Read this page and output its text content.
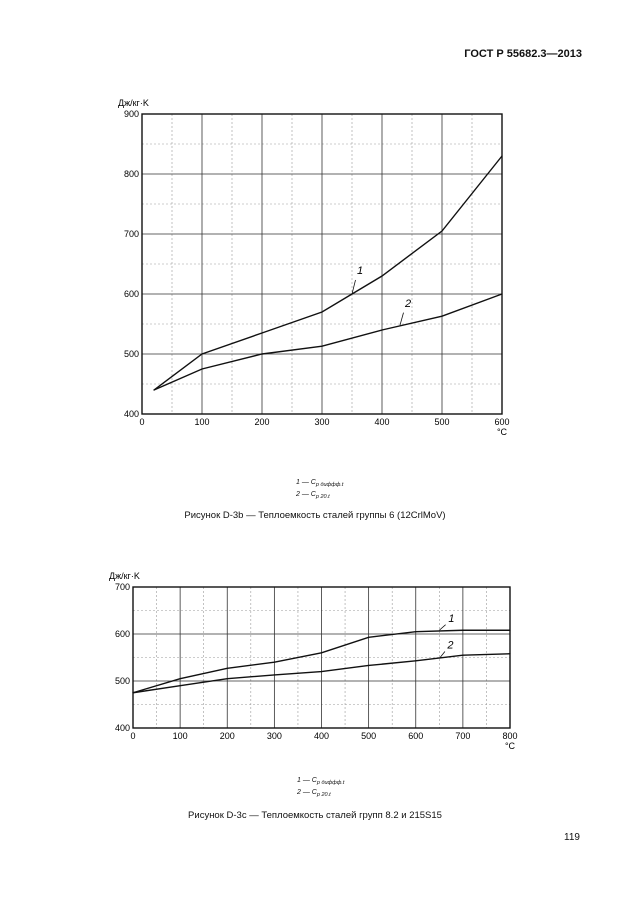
ГОСТ Р 55682.3—2013
0	100	200	300	400	500	600
400
500
600
700
800
900
Дж/кг·K
°C
1
2
1 — $C_{p диффф.t}$
2 — $C_{p 20.t}$
Рисунок D-3b — Теплоемкость сталей группы 6 (12CrlMoV)
0	100	200	300	400	500	600	700	800
400
500
600
700
Дж/кг·K
°C
1
2
1 — $C_{p диффф.t}$
2 — $C_{p 20.t}$
Рисунок D-3c — Теплоемкость сталей групп 8.2 и 215S15
119
